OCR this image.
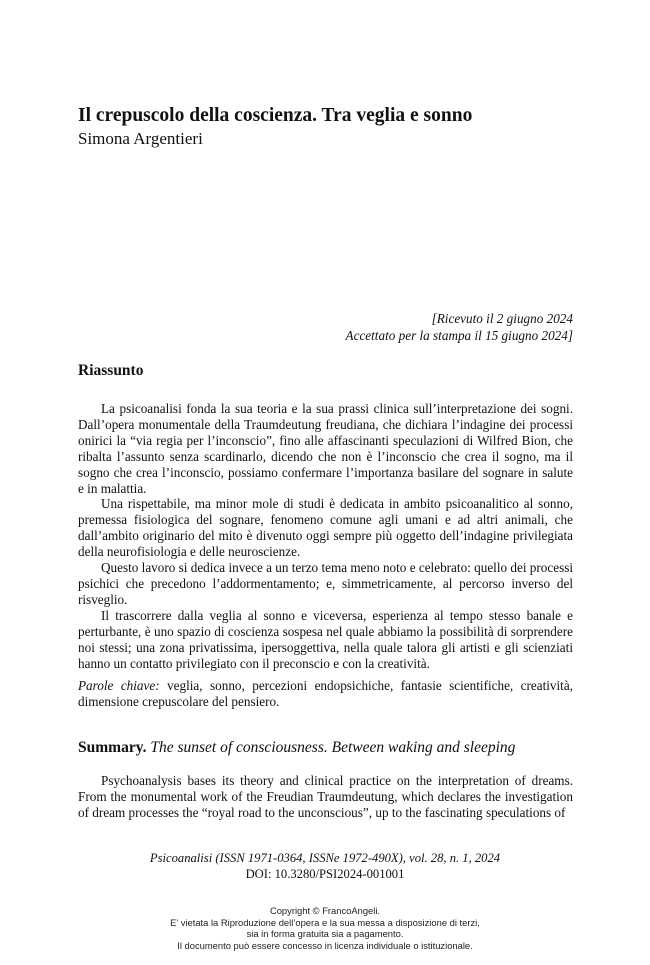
Il crepuscolo della coscienza. Tra veglia e sonno
Simona Argentieri
[Ricevuto il 2 giugno 2024
Accettato per la stampa il 15 giugno 2024]
Riassunto

La psicoanalisi fonda la sua teoria e la sua prassi clinica sull’interpretazione dei sogni. Dall’opera monumentale della Traumdeutung freudiana, che dichiara l’indagine dei processi onirici la “via regia per l’inconscio”, fino alle affascinanti speculazioni di Wilfred Bion, che ribalta l’assunto senza scardinarlo, dicendo che non è l’inconscio che crea il sogno, ma il sogno che crea l’inconscio, possiamo confermare l’importanza basilare del sognare in salute e in malattia.

Una rispettabile, ma minor mole di studi è dedicata in ambito psicoanalitico al sonno, premessa fisiologica del sognare, fenomeno comune agli umani e ad altri animali, che dall’ambito originario del mito è divenuto oggi sempre più oggetto dell’indagine privilegiata della neurofisiologia e delle neuroscienze.

Questo lavoro si dedica invece a un terzo tema meno noto e celebrato: quello dei processi psichici che precedono l’addormentamento; e, simmetricamente, al percorso inverso del risveglio.

Il trascorrere dalla veglia al sonno e viceversa, esperienza al tempo stesso banale e perturbante, è uno spazio di coscienza sospesa nel quale abbiamo la possibilità di sorprendere noi stessi; una zona privatissima, ipersoggettiva, nella quale talora gli artisti e gli scienziati hanno un contatto privilegiato con il preconscio e con la creatività.

Parole chiave: veglia, sonno, percezioni endopsichiche, fantasie scientifiche, creatività, dimensione crepuscolare del pensiero.
Summary. The sunset of consciousness. Between waking and sleeping

Psychoanalysis bases its theory and clinical practice on the interpretation of dreams. From the monumental work of the Freudian Traumdeutung, which declares the investigation of dream processes the “royal road to the unconscious”, up to the fascinating speculations of

Psicoanalisi (ISSN 1971-0364, ISSNe 1972-490X), vol. 28, n. 1, 2024
DOI: 10.3280/PSI2024-001001
Copyright © FrancoAngeli.
E’ vietata la Riproduzione dell’opera e la sua messa a disposizione di terzi,
sia in forma gratuita sia a pagamento.
Il documento può essere concesso in licenza individuale o istituzionale.
